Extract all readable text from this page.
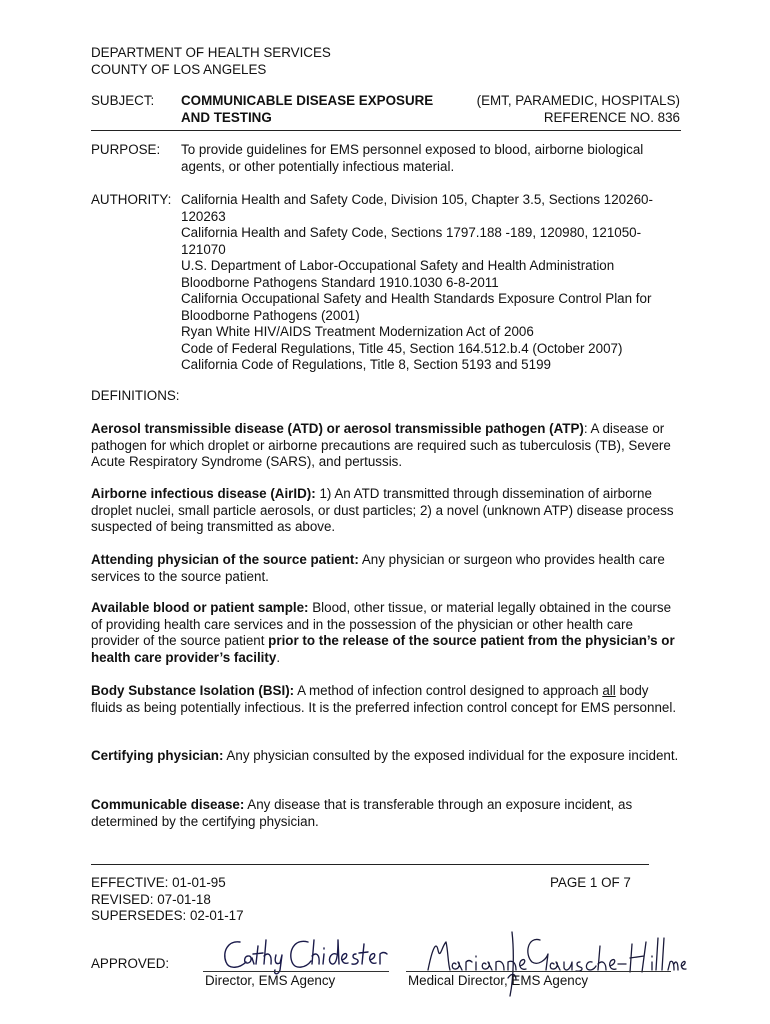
DEPARTMENT OF HEALTH SERVICES
COUNTY OF LOS ANGELES
SUBJECT: COMMUNICABLE DISEASE EXPOSURE
AND TESTING
(EMT, PARAMEDIC, HOSPITALS)
REFERENCE NO. 836
PURPOSE: To provide guidelines for EMS personnel exposed to blood, airborne biological agents, or other potentially infectious material.
AUTHORITY: California Health and Safety Code, Division 105, Chapter 3.5, Sections 120260-
120263
California Health and Safety Code, Sections 1797.188 -189, 120980, 121050-
121070
U.S. Department of Labor-Occupational Safety and Health Administration
Bloodborne Pathogens Standard 1910.1030 6-8-2011
California Occupational Safety and Health Standards Exposure Control Plan for
Bloodborne Pathogens (2001)
Ryan White HIV/AIDS Treatment Modernization Act of 2006
Code of Federal Regulations, Title 45, Section 164.512.b.4 (October 2007)
California Code of Regulations, Title 8, Section 5193 and 5199
DEFINITIONS:
Aerosol transmissible disease (ATD) or aerosol transmissible pathogen (ATP): A disease or pathogen for which droplet or airborne precautions are required such as tuberculosis (TB), Severe Acute Respiratory Syndrome (SARS), and pertussis.
Airborne infectious disease (AirID): 1) An ATD transmitted through dissemination of airborne droplet nuclei, small particle aerosols, or dust particles; 2) a novel (unknown ATP) disease process suspected of being transmitted as above.
Attending physician of the source patient: Any physician or surgeon who provides health care services to the source patient.
Available blood or patient sample: Blood, other tissue, or material legally obtained in the course of providing health care services and in the possession of the physician or other health care provider of the source patient prior to the release of the source patient from the physician’s or health care provider’s facility.
Body Substance Isolation (BSI): A method of infection control designed to approach all body fluids as being potentially infectious. It is the preferred infection control concept for EMS personnel.
Certifying physician: Any physician consulted by the exposed individual for the exposure incident.
Communicable disease: Any disease that is transferable through an exposure incident, as determined by the certifying physician.
EFFECTIVE: 01-01-95
REVISED: 07-01-18
SUPERSEDES: 02-01-17
PAGE 1 OF 7
APPROVED:
Director, EMS Agency	Medical Director, EMS Agency
